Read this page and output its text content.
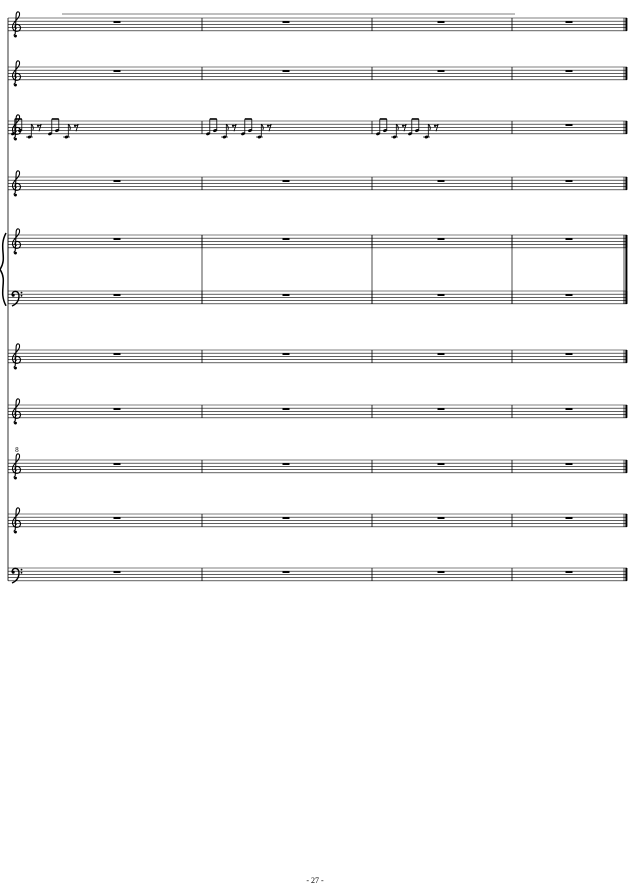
8
- 27 -
